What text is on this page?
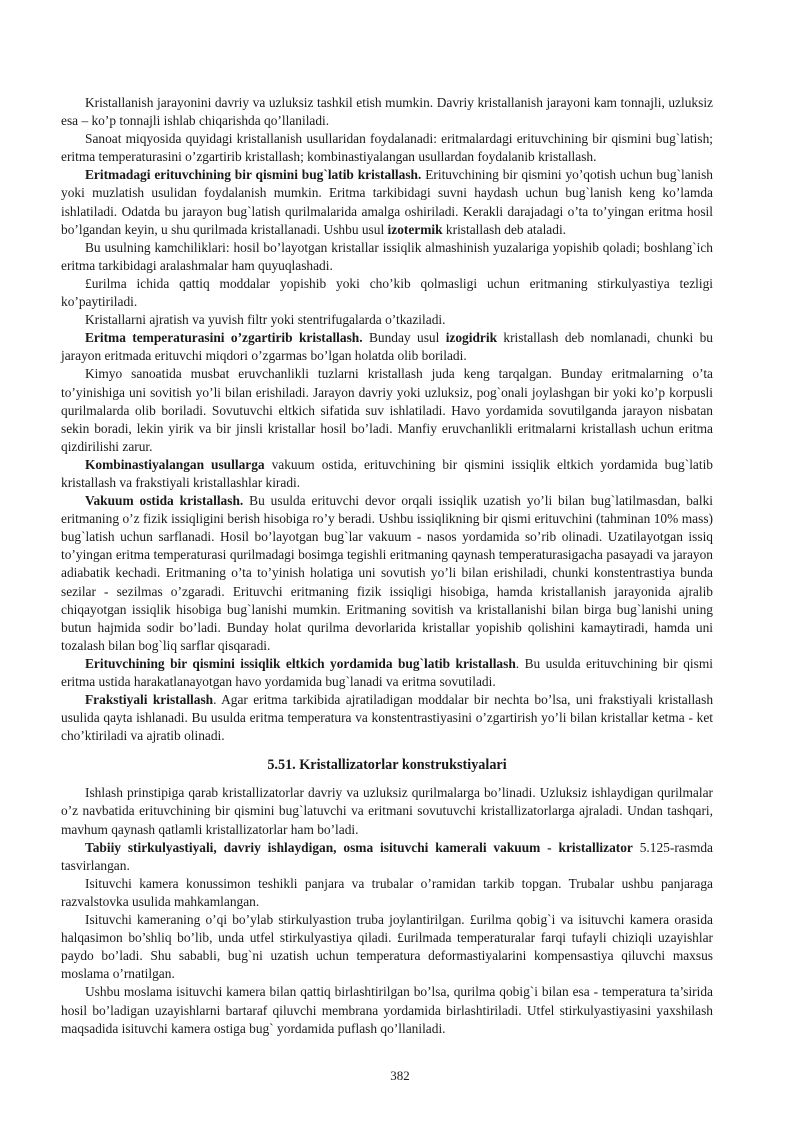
Kristallanish jarayonini davriy va uzluksiz tashkil etish mumkin. Davriy kristallanish jarayoni kam tonnajli, uzluksiz esa – ko’p tonnajli ishlab chiqarishda qo’llaniladi.

Sanoat miqyosida quyidagi kristallanish usullaridan foydalanadi: eritmalardagi erituvchining bir qismini bug`latish; eritma temperaturasini o’zgartirib kristallash; kombinastiyalangan usullardan foydalanib kristallash.

Eritmadagi erituvchining bir qismini bug`latib kristallash. Erituvchining bir qismini yo’qotish uchun bug`lanish yoki muzlatish usulidan foydalanish mumkin. Eritma tarkibidagi suvni haydash uchun bug`lanish keng ko’lamda ishlatiladi. Odatda bu jarayon bug`latish qurilmalarida amalga oshiriladi. Kerakli darajadagi o’ta to’yingan eritma hosil bo’lgandan keyin, u shu qurilmada kristallanadi. Ushbu usul izotermik kristallash deb ataladi.

Bu usulning kamchiliklari: hosil bo’layotgan kristallar issiqlik almashinish yuzalariga yopishib qoladi; boshlang`ich eritma tarkibidagi aralashmalar ham quyuqlashadi.

£urilma ichida qattiq moddalar yopishib yoki cho’kib qolmasligi uchun eritmaning stirkulyastiya tezligi ko’paytiriladi.

Kristallarni ajratish va yuvish filtr yoki stentrifugalarda o’tkaziladi.

Eritma temperaturasini o’zgartirib kristallash. Bunday usul izogidrik kristallash deb nomlanadi, chunki bu jarayon eritmada erituvchi miqdori o’zgarmas bo’lgan holatda olib boriladi.

Kimyo sanoatida musbat eruvchanlikli tuzlarni kristallash juda keng tarqalgan. Bunday eritmalarning o’ta to’yinishiga uni sovitish yo’li bilan erishiladi. Jarayon davriy yoki uzluksiz, pog`onali joylashgan bir yoki ko’p korpusli qurilmalarda olib boriladi. Sovutuvchi eltkich sifatida suv ishlatiladi. Havo yordamida sovutilganda jarayon nisbatan sekin boradi, lekin yirik va bir jinsli kristallar hosil bo’ladi. Manfiy eruvchanlikli eritmalarni kristallash uchun eritma qizdirilishi zarur.

Kombinastiyalangan usullarga vakuum ostida, erituvchining bir qismini issiqlik eltkich yordamida bug`latib kristallash va frakstiyali kristallashlar kiradi.

Vakuum ostida kristallash. Bu usulda erituvchi devor orqali issiqlik uzatish yo’li bilan bug`latilmasdan, balki eritmaning o’z fizik issiqligini berish hisobiga ro’y beradi. Ushbu issiqlikning bir qismi erituvchini (tahminan 10% mass) bug`latish uchun sarflanadi. Hosil bo’layotgan bug`lar vakuum - nasos yordamida so’rib olinadi. Uzatilayotgan issiq to’yingan eritma temperaturasi qurilmadagi bosimga tegishli eritmaning qaynash temperaturasigacha pasayadi va jarayon adiabatik kechadi. Eritmaning o’ta to’yinish holatiga uni sovutish yo’li bilan erishiladi, chunki konstentrastiya bunda sezilar - sezilmas o’zgaradi. Erituvchi eritmaning fizik issiqligi hisobiga, hamda kristallanish jarayonida ajralib chiqayotgan issiqlik hisobiga bug`lanishi mumkin. Eritmaning sovitish va kristallanishi bilan birga bug`lanishi uning butun hajmida sodir bo’ladi. Bunday holat qurilma devorlarida kristallar yopishib qolishini kamaytiradi, hamda uni tozalash bilan bog`liq sarflar qisqaradi.

Erituvchining bir qismini issiqlik eltkich yordamida bug`latib kristallash. Bu usulda erituvchining bir qismi eritma ustida harakatlanayotgan havo yordamida bug`lanadi va eritma sovutiladi.

Frakstiyali kristallash. Agar eritma tarkibida ajratiladigan moddalar bir nechta bo’lsa, uni frakstiyali kristallash usulida qayta ishlanadi. Bu usulda eritma temperatura va konstentrastiyasini o’zgartirish yo’li bilan kristallar ketma - ket cho’ktiriladi va ajratib olinadi.

5.51. Kristallizatorlar konstrukstiyalari

Ishlash prinstipiga qarab kristallizatorlar davriy va uzluksiz qurilmalarga bo’linadi. Uzluksiz ishlaydigan qurilmalar o’z navbatida erituvchining bir qismini bug`latuvchi va eritmani sovutuvchi kristallizatorlarga ajraladi. Undan tashqari, mavhum qaynash qatlamli kristallizatorlar ham bo’ladi.

Tabiiy stirkulyastiyali, davriy ishlaydigan, osma isituvchi kamerali vakuum - kristallizator 5.125-rasmda tasvirlangan.

Isituvchi kamera konussimon teshikli panjara va trubalar o’ramidan tarkib topgan. Trubalar ushbu panjaraga razvalstovka usulida mahkamlangan.

Isituvchi kameraning o’qi bo’ylab stirkulyastion truba joylantirilgan. £urilma qobig`i va isituvchi kamera orasida halqasimon bo’shliq bo’lib, unda utfel stirkulyastiya qiladi. £urilmada temperaturalar farqi tufayli chiziqli uzayishlar paydo bo’ladi. Shu sababli, bug`ni uzatish uchun temperatura deformastiyalarini kompensastiya qiluvchi maxsus moslama o’rnatilgan.

Ushbu moslama isituvchi kamera bilan qattiq birlashtirilgan bo’lsa, qurilma qobig`i bilan esa - temperatura ta’sirida hosil bo’ladigan uzayishlarni bartaraf qiluvchi membrana yordamida birlashtiriladi. Utfel stirkulyastiyasini yaxshilash maqsadida isituvchi kamera ostiga bug` yordamida puflash qo’llaniladi.

382
